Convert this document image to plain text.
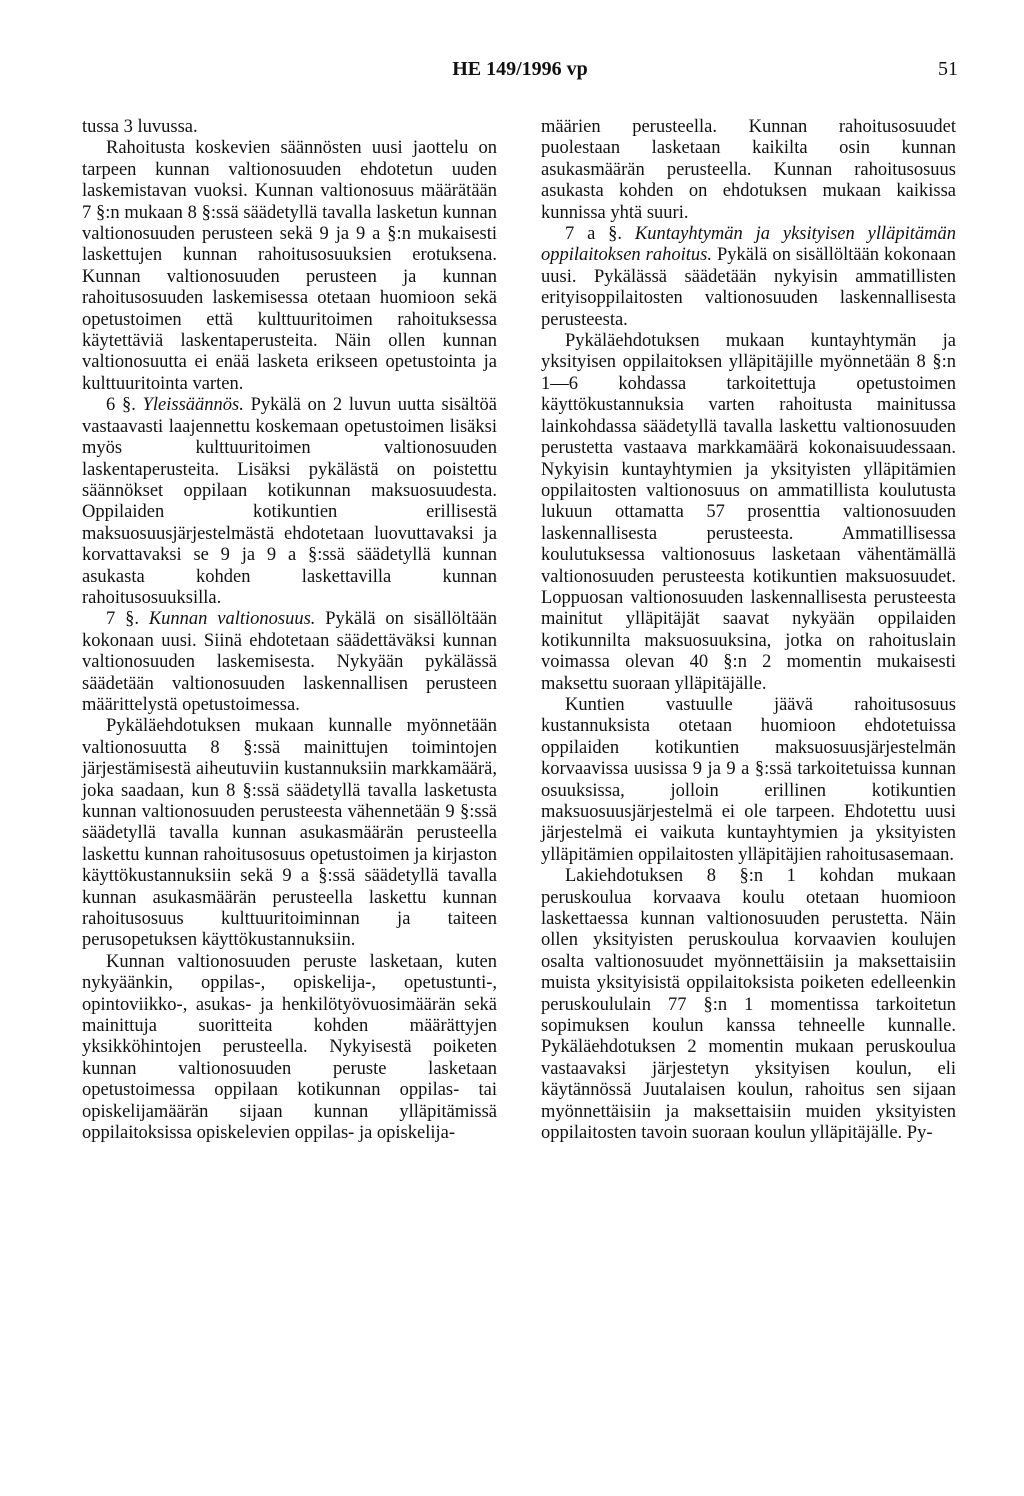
HE 149/1996 vp	51

tussa 3 luvussa.

Rahoitusta koskevien säännösten uusi jaottelu on tarpeen kunnan valtionosuuden ehdotetun uuden laskemistavan vuoksi. Kunnan valtionosuus määrätään 7 §:n mukaan 8 §:ssä säädetyllä tavalla lasketun kunnan valtionosuuden perusteen sekä 9 ja 9 a §:n mukaisesti laskettujen kunnan rahoitusosuuksien erotuksena. Kunnan valtionosuuden perusteen ja kunnan rahoitusosuuden laskemisessa otetaan huomioon sekä opetustoimen että kulttuuritoimen rahoituksessa käytettäviä laskentaperusteita. Näin ollen kunnan valtionosuutta ei enää lasketa erikseen opetustointa ja kulttuuritointa varten.

6 §. Yleissäännös. Pykälä on 2 luvun uutta sisältöä vastaavasti laajennettu koskemaan opetustoimen lisäksi myös kulttuuritoimen valtionosuuden laskentaperusteita. Lisäksi pykälästä on poistettu säännökset oppilaan kotikunnan maksuosuudesta. Oppilaiden kotikuntien erillisestä maksuosuusjärjestelmästä ehdotetaan luovuttavaksi ja korvattavaksi se 9 ja 9 a §:ssä säädetyllä kunnan asukasta kohden laskettavilla kunnan rahoitusosuuksilla.

7 §. Kunnan valtionosuus. Pykälä on sisällöltään kokonaan uusi. Siinä ehdotetaan säädettäväksi kunnan valtionosuuden laskemisesta. Nykyään pykälässä säädetään valtionosuuden laskennallisen perusteen määrittelystä opetustoimessa.

Pykäläehdotuksen mukaan kunnalle myönnetään valtionosuutta 8 §:ssä mainittujen toimintojen järjestämisestä aiheutuviin kustannuksiin markkamäärä, joka saadaan, kun 8 §:ssä säädetyllä tavalla lasketusta kunnan valtionosuuden perusteesta vähennetään 9 §:ssä säädetyllä tavalla kunnan asukasmäärän perusteella laskettu kunnan rahoitusosuus opetustoimen ja kirjaston käyttökustannuksiin sekä 9 a §:ssä säädetyllä tavalla kunnan asukasmäärän perusteella laskettu kunnan rahoitusosuus kulttuuritoiminnan ja taiteen perusopetuksen käyttökustannuksiin.

Kunnan valtionosuuden peruste lasketaan, kuten nykyäänkin, oppilas-, opiskelija-, opetustunti-, opintoviikko-, asukas- ja henkilötyövuosimäärän sekä mainittuja suoritteita kohden määrättyjen yksikköhintojen perusteella. Nykyisestä poiketen kunnan valtionosuuden peruste lasketaan opetustoimessa oppilaan kotikunnan oppilas- tai opiskelijamäärän sijaan kunnan ylläpitämissä oppilaitoksissa opiskelevien oppilas- ja opiskelija-

määrien perusteella. Kunnan rahoitusosuudet puolestaan lasketaan kaikilta osin kunnan asukasmäärän perusteella. Kunnan rahoitusosuus asukasta kohden on ehdotuksen mukaan kaikissa kunnissa yhtä suuri.

7 a §. Kuntayhtymän ja yksityisen ylläpitämän oppilaitoksen rahoitus. Pykälä on sisällöltään kokonaan uusi. Pykälässä säädetään nykyisin ammatillisten erityisoppilaitosten valtionosuuden laskennallisesta perusteesta.

Pykäläehdotuksen mukaan kuntayhtymän ja yksityisen oppilaitoksen ylläpitäjille myönnetään 8 §:n 1—6 kohdassa tarkoitettuja opetustoimen käyttökustannuksia varten rahoitusta mainitussa lainkohdassa säädetyllä tavalla laskettu valtionosuuden perustetta vastaava markkamäärä kokonaisuudessaan. Nykyisin kuntayhtymien ja yksityisten ylläpitämien oppilaitosten valtionosuus on ammatillista koulutusta lukuun ottamatta 57 prosenttia valtionosuuden laskennallisesta perusteesta. Ammatillisessa koulutuksessa valtionosuus lasketaan vähentämällä valtionosuuden perusteesta kotikuntien maksuosuudet. Loppuosan valtionosuuden laskennallisesta perusteesta mainitut ylläpitäjät saavat nykyään oppilaiden kotikunnilta maksuosuuksina, jotka on rahoituslain voimassa olevan 40 §:n 2 momentin mukaisesti maksettu suoraan ylläpitäjälle.

Kuntien vastuulle jäävä rahoitusosuus kustannuksista otetaan huomioon ehdotetuissa oppilaiden kotikuntien maksuosuusjärjestelmän korvaavissa uusissa 9 ja 9 a §:ssä tarkoitetuissa kunnan osuuksissa, jolloin erillinen kotikuntien maksuosuusjärjestelmä ei ole tarpeen. Ehdotettu uusi järjestelmä ei vaikuta kuntayhtymien ja yksityisten ylläpitämien oppilaitosten ylläpitäjien rahoitusasemaan.

Lakiehdotuksen 8 §:n 1 kohdan mukaan peruskoulua korvaava koulu otetaan huomioon laskettaessa kunnan valtionosuuden perustetta. Näin ollen yksityisten peruskoulua korvaavien koulujen osalta valtionosuudet myönnettäisiin ja maksettaisiin muista yksityisistä oppilaitoksista poiketen edelleenkin peruskoululain 77 §:n 1 momentissa tarkoitetun sopimuksen koulun kanssa tehneelle kunnalle. Pykäläehdotuksen 2 momentin mukaan peruskoulua vastaavaksi järjestetyn yksityisen koulun, eli käytännössä Juutalaisen koulun, rahoitus sen sijaan myönnettäisiin ja maksettaisiin muiden yksityisten oppilaitosten tavoin suoraan koulun ylläpitäjälle. Py-
